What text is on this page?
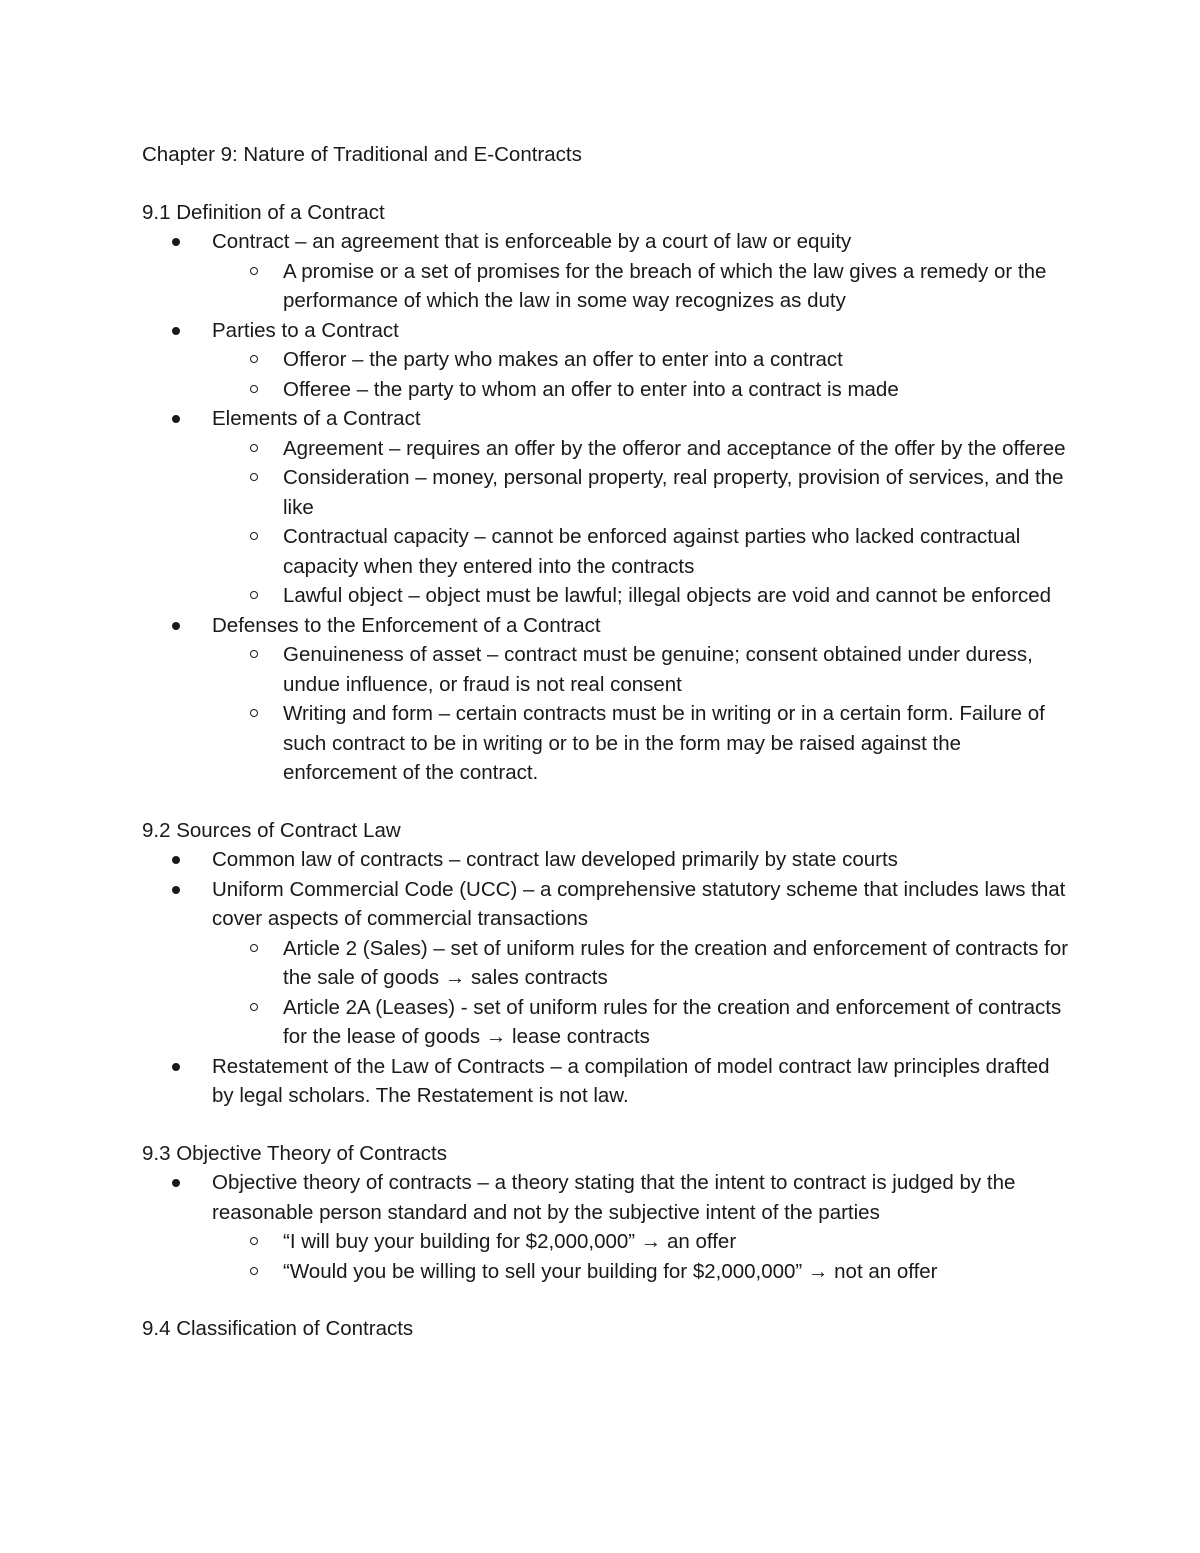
Chapter 9: Nature of Traditional and E-Contracts
9.1 Definition of a Contract
Contract – an agreement that is enforceable by a court of law or equity
A promise or a set of promises for the breach of which the law gives a remedy or the performance of which the law in some way recognizes as duty
Parties to a Contract
Offeror – the party who makes an offer to enter into a contract
Offeree – the party to whom an offer to enter into a contract is made
Elements of a Contract
Agreement – requires an offer by the offeror and acceptance of the offer by the offeree
Consideration – money, personal property, real property, provision of services, and the like
Contractual capacity – cannot be enforced against parties who lacked contractual capacity when they entered into the contracts
Lawful object – object must be lawful; illegal objects are void and cannot be enforced
Defenses to the Enforcement of a Contract
Genuineness of asset – contract must be genuine; consent obtained under duress, undue influence, or fraud is not real consent
Writing and form – certain contracts must be in writing or in a certain form. Failure of such contract to be in writing or to be in the form may be raised against the enforcement of the contract.
9.2 Sources of Contract Law
Common law of contracts – contract law developed primarily by state courts
Uniform Commercial Code (UCC) – a comprehensive statutory scheme that includes laws that cover aspects of commercial transactions
Article 2 (Sales) – set of uniform rules for the creation and enforcement of contracts for the sale of goods → sales contracts
Article 2A (Leases) - set of uniform rules for the creation and enforcement of contracts for the lease of goods → lease contracts
Restatement of the Law of Contracts – a compilation of model contract law principles drafted by legal scholars. The Restatement is not law.
9.3 Objective Theory of Contracts
Objective theory of contracts – a theory stating that the intent to contract is judged by the reasonable person standard and not by the subjective intent of the parties
“I will buy your building for $2,000,000” → an offer
“Would you be willing to sell your building for $2,000,000” → not an offer
9.4 Classification of Contracts
